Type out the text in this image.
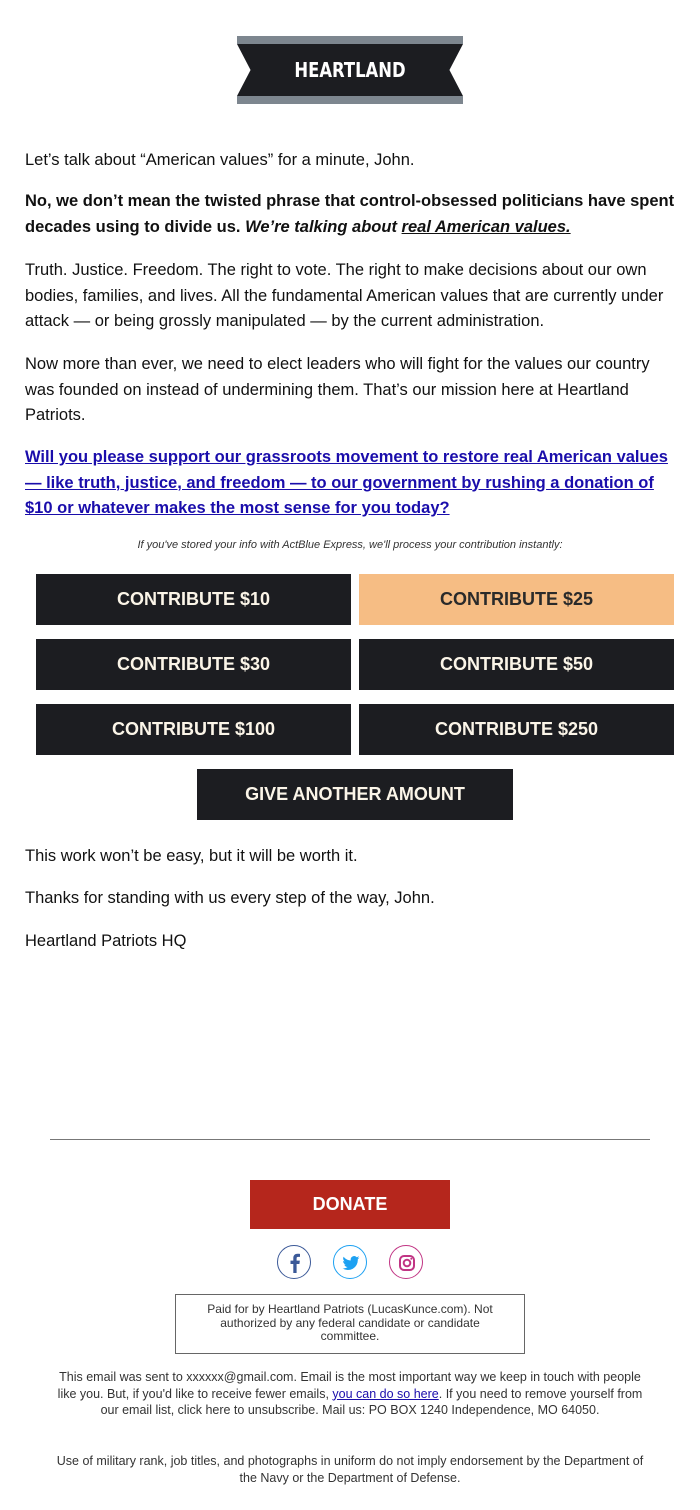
HEARTLAND PATRIOTS

Let’s talk about “American values” for a minute, John.

No, we don’t mean the twisted phrase that control-obsessed politicians have spent decades using to divide us. We’re talking about real American values.

Truth. Justice. Freedom. The right to vote. The right to make decisions about our own bodies, families, and lives. All the fundamental American values that are currently under attack — or being grossly manipulated — by the current administration.

Now more than ever, we need to elect leaders who will fight for the values our country was founded on instead of undermining them. That’s our mission here at Heartland Patriots.

Will you please support our grassroots movement to restore real American values — like truth, justice, and freedom — to our government by rushing a donation of $10 or whatever makes the most sense for you today?

If you've stored your info with ActBlue Express, we'll process your contribution instantly:
CONTRIBUTE $10	CONTRIBUTE $25
CONTRIBUTE $30	CONTRIBUTE $50
CONTRIBUTE $100	CONTRIBUTE $250
GIVE ANOTHER AMOUNT

This work won’t be easy, but it will be worth it.

Thanks for standing with us every step of the way, John.

Heartland Patriots HQ

DONATE
Paid for by Heartland Patriots (LucasKunce.com). Not authorized by any federal candidate or candidate committee.
This email was sent to xxxxxx@gmail.com. Email is the most important way we keep in touch with people like you. But, if you'd like to receive fewer emails, you can do so here. If you need to remove yourself from our email list, click here to unsubscribe. Mail us: PO BOX 1240 Independence, MO 64050.
Use of military rank, job titles, and photographs in uniform do not imply endorsement by the Department of the Navy or the Department of Defense.
